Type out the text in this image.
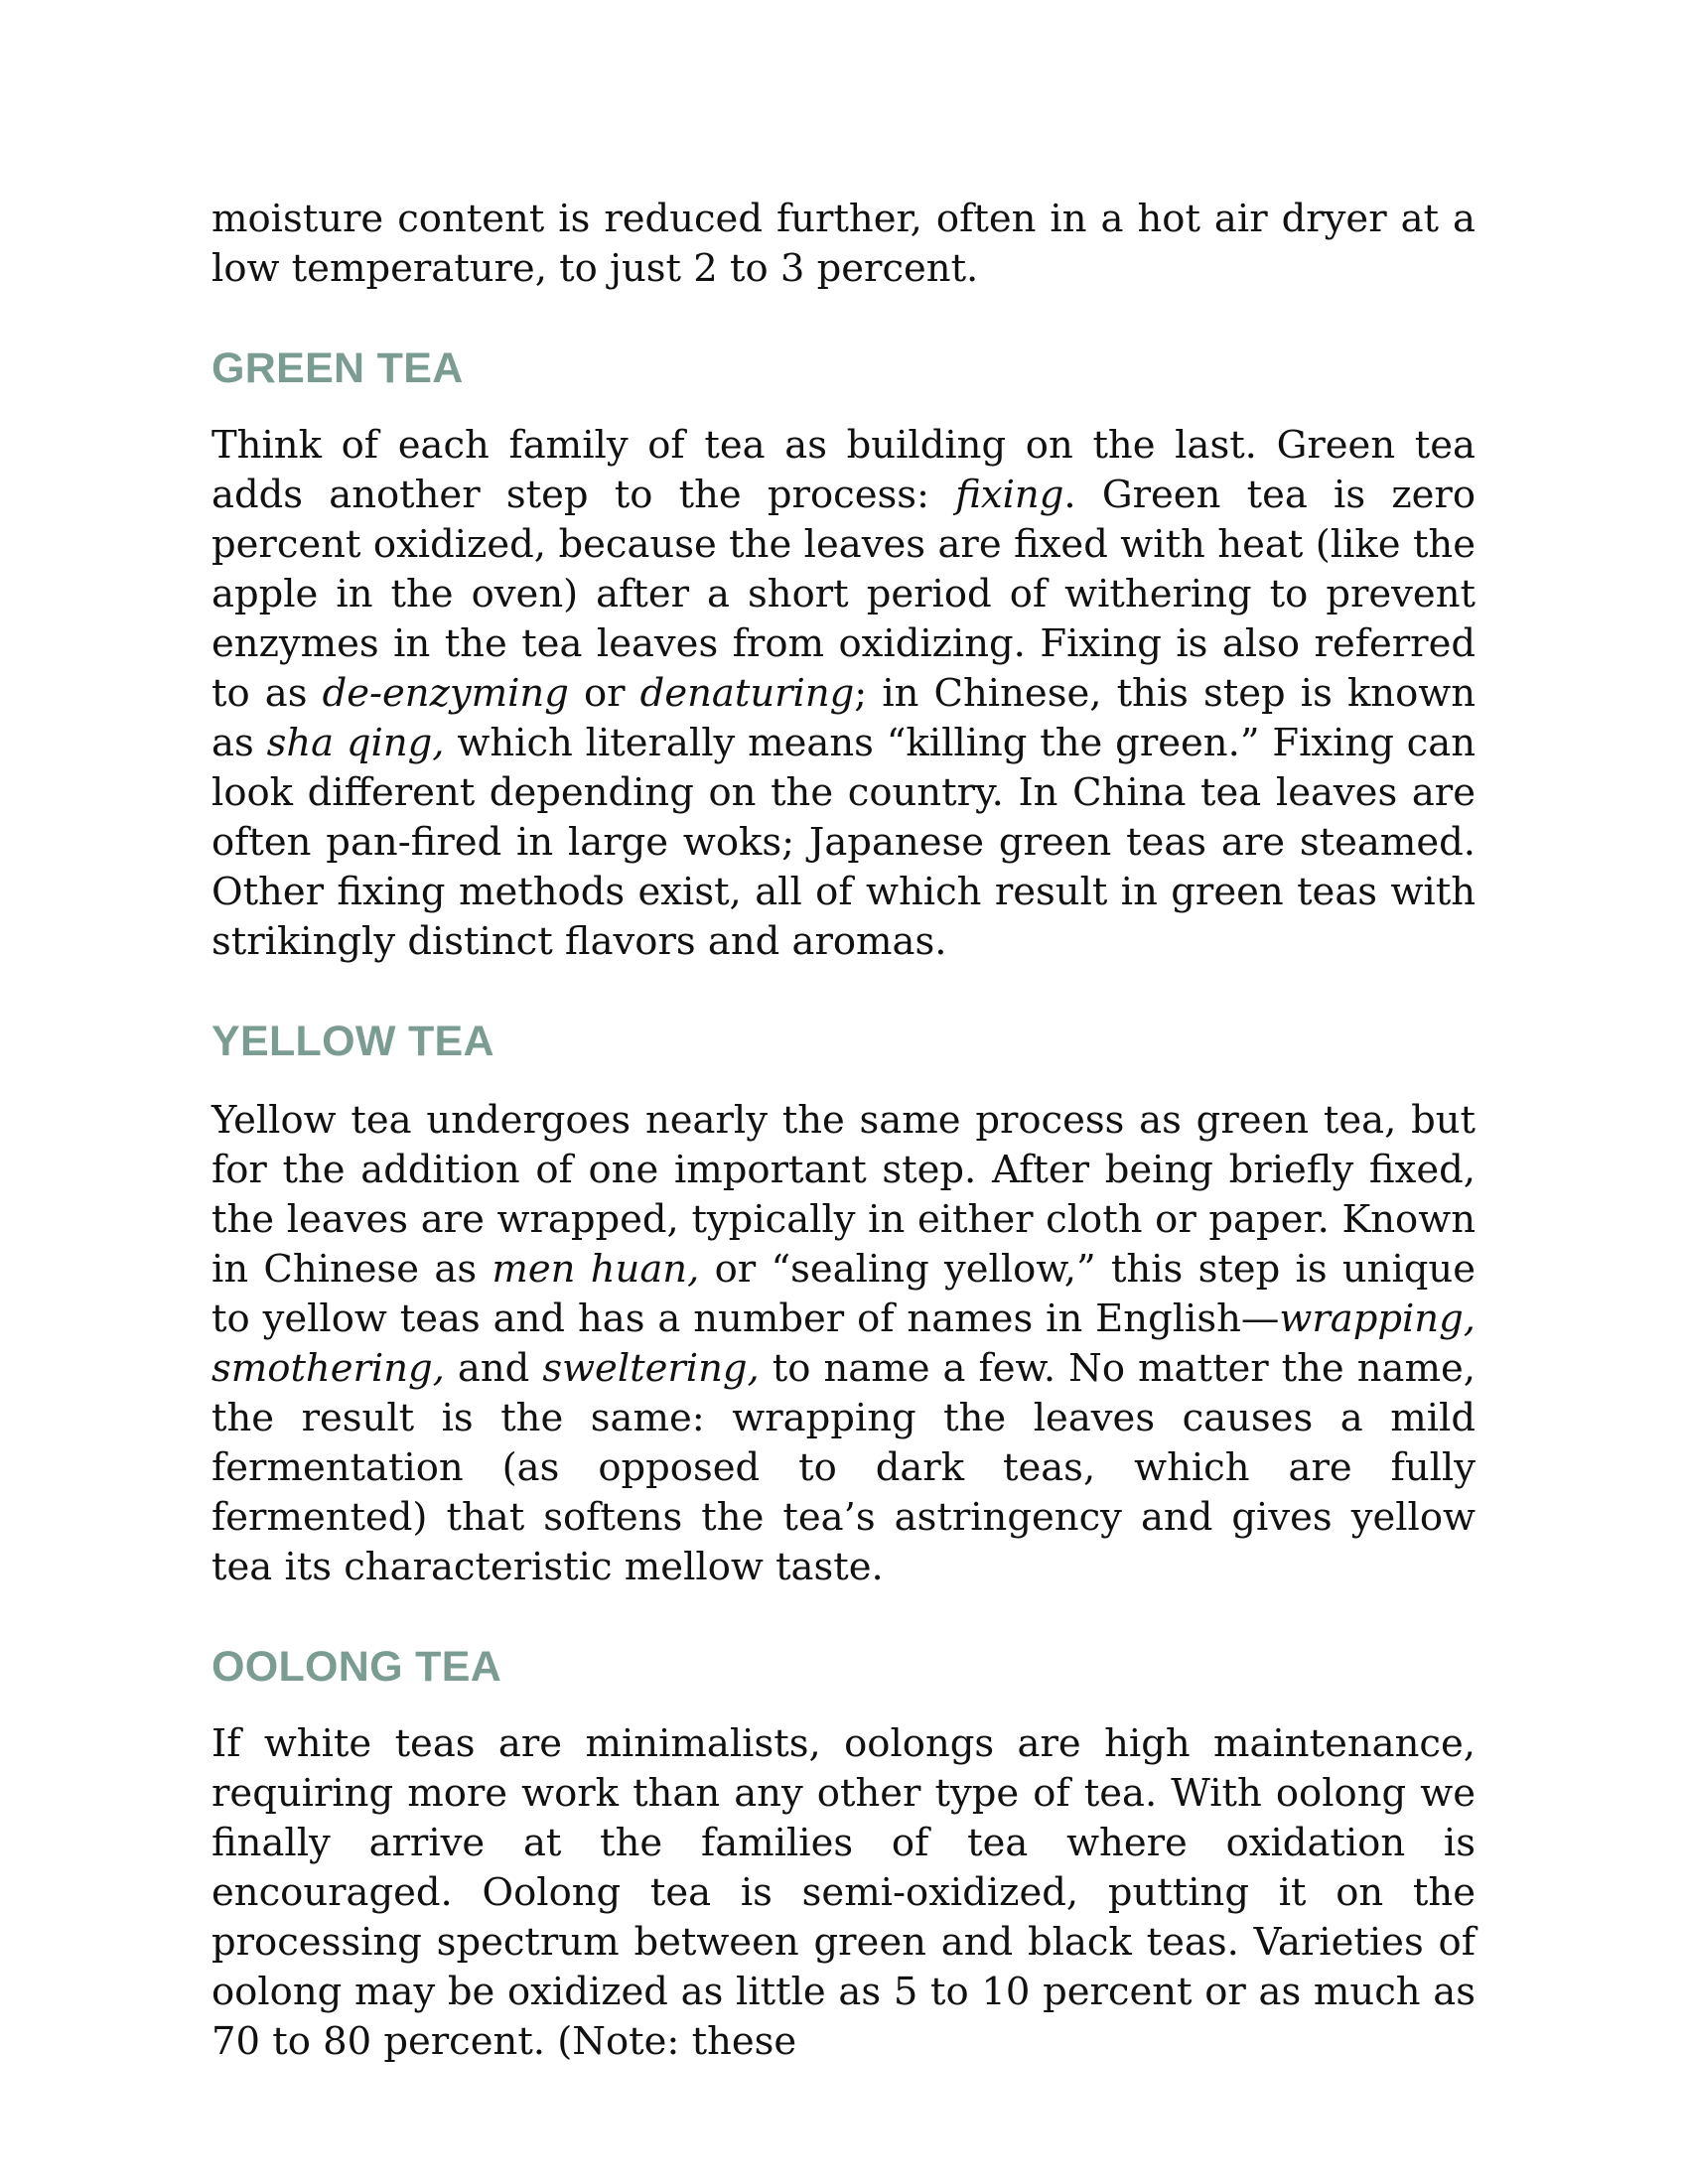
moisture content is reduced further, often in a hot air dryer at a low temperature, to just 2 to 3 percent.

GREEN TEA

Think of each family of tea as building on the last. Green tea adds another step to the process: fixing. Green tea is zero percent oxidized, because the leaves are fixed with heat (like the apple in the oven) after a short period of withering to prevent enzymes in the tea leaves from oxidizing. Fixing is also referred to as de-enzyming or denaturing; in Chinese, this step is known as sha qing, which literally means “killing the green.” Fixing can look different depending on the country. In China tea leaves are often pan-fired in large woks; Japanese green teas are steamed. Other fixing methods exist, all of which result in green teas with strikingly distinct flavors and aromas.

YELLOW TEA

Yellow tea undergoes nearly the same process as green tea, but for the addition of one important step. After being briefly fixed, the leaves are wrapped, typically in either cloth or paper. Known in Chinese as men huan, or “sealing yellow,” this step is unique to yellow teas and has a number of names in English—wrapping, smothering, and sweltering, to name a few. No matter the name, the result is the same: wrapping the leaves causes a mild fermentation (as opposed to dark teas, which are fully fermented) that softens the tea’s astringency and gives yellow tea its characteristic mellow taste.

OOLONG TEA

If white teas are minimalists, oolongs are high maintenance, requiring more work than any other type of tea. With oolong we finally arrive at the families of tea where oxidation is encouraged. Oolong tea is semi-oxidized, putting it on the processing spectrum between green and black teas. Varieties of oolong may be oxidized as little as 5 to 10 percent or as much as 70 to 80 percent. (Note: these
